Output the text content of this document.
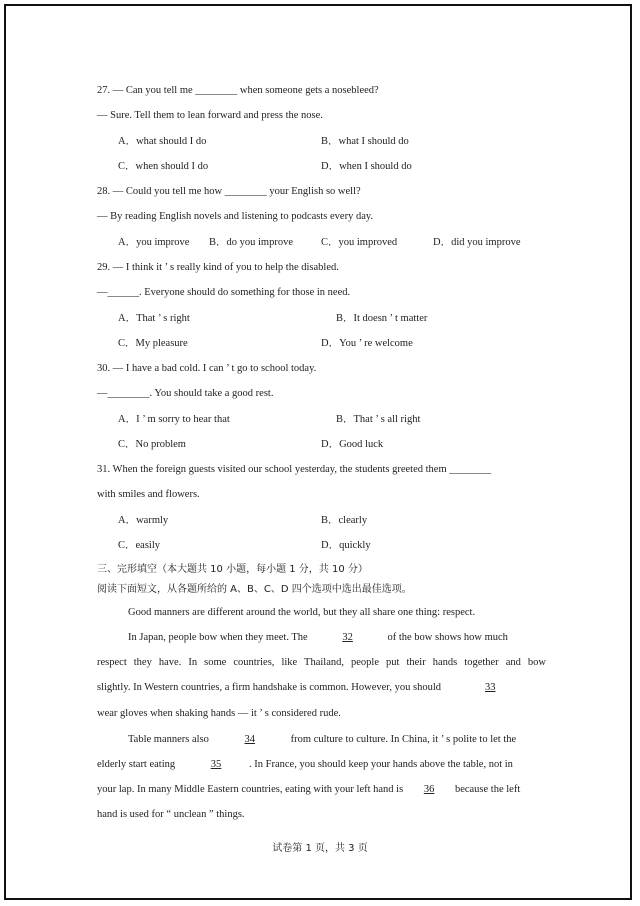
27. — Can you tell me ________ when someone gets a nosebleed?
— Sure. Tell them to lean forward and press the nose.
A．what should I do	B．what I should do
C．when should I do	D．when I should do
28. — Could you tell me how ________ your English so well?
— By reading English novels and listening to podcasts every day.
A．you improve B．do you improve	C．you improved	D．did you improve
29. — I think it ’ s really kind of you to help the disabled.
—______. Everyone should do something for those in need.
A．That ’ s right	B．It doesn ’ t matter
C．My pleasure	D．You ’ re welcome
30. — I have a bad cold. I can ’ t go to school today.
—________. You should take a good rest.
A．I ’ m sorry to hear that	B．That ’ s all right
C．No problem	D．Good luck
31. When the foreign guests visited our school yesterday, the students greeted them ________
with smiles and flowers.
A．warmly	B．clearly
C．easily	D．quickly
三、完形填空（本大题共 10 小题，每小题 1 分，共 10 分）
阅读下面短文，从各题所给的 A、B、C、D 四个选项中选出最佳选项。
Good manners are different around the world, but they all share one thing: respect.
In Japan, people bow when they meet. The	32	of the bow shows how much
respect they have. In some countries, like Thailand, people put their hands together and bow
slightly. In Western countries, a firm handshake is common. However, you should	33
wear gloves when shaking hands — it ’ s considered rude.
Table manners also	34	from culture to culture. In China, it ’ s polite to let the
elderly start eating	35	. In France, you should keep your hands above the table, not in
your lap. In many Middle Eastern countries, eating with your left hand is 36 because the left
hand is used for “ unclean ” things.
试卷第 1 页，共 3 页
